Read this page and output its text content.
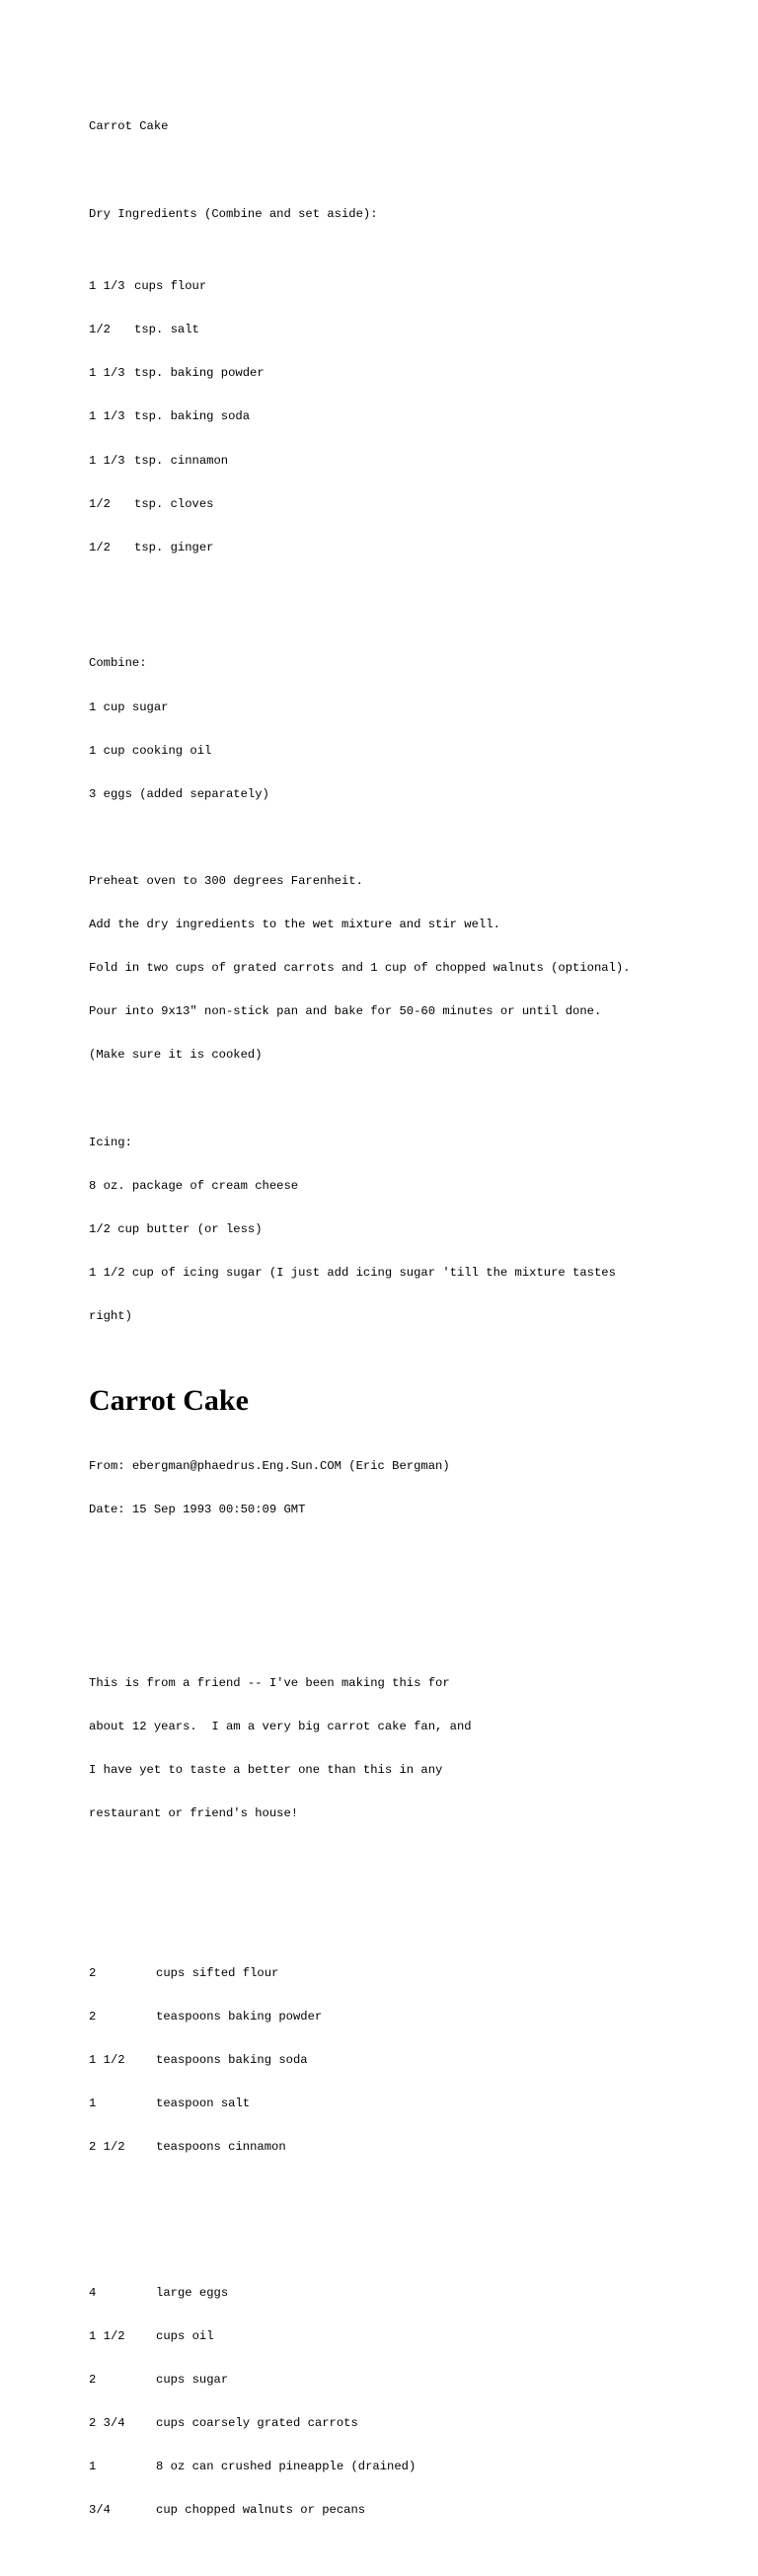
Carrot Cake

Dry Ingredients (Combine and set aside):

1 1/3 cups flour

1/2 tsp. salt

1 1/3 tsp. baking powder

1 1/3 tsp. baking soda

1 1/3 tsp. cinnamon

1/2 tsp. cloves

1/2 tsp. ginger

Combine:

1 cup sugar

1 cup cooking oil

3 eggs (added separately)

Preheat oven to 300 degrees Farenheit.

Add the dry ingredients to the wet mixture and stir well.

Fold in two cups of grated carrots and 1 cup of chopped walnuts (optional).

Pour into 9x13" non-stick pan and bake for 50-60 minutes or until done.

(Make sure it is cooked)

Icing:

8 oz. package of cream cheese

1/2 cup butter (or less)

1 1/2 cup of icing sugar (I just add icing sugar 'till the mixture tastes

right)

Carrot Cake

From: ebergman@phaedrus.Eng.Sun.COM (Eric Bergman)

Date: 15 Sep 1993 00:50:09 GMT

This is from a friend -- I've been making this for

about 12 years.  I am a very big carrot cake fan, and

I have yet to taste a better one than this in any

restaurant or friend's house!

2	cups sifted flour

2	teaspoons baking powder

1 1/2	teaspoons baking soda

1	teaspoon salt

2 1/2	teaspoons cinnamon

4	large eggs

1 1/2	cups oil

2	cups sugar

2 3/4	cups coarsely grated carrots

1	8 oz can crushed pineapple (drained)

3/4	cup chopped walnuts or pecans
